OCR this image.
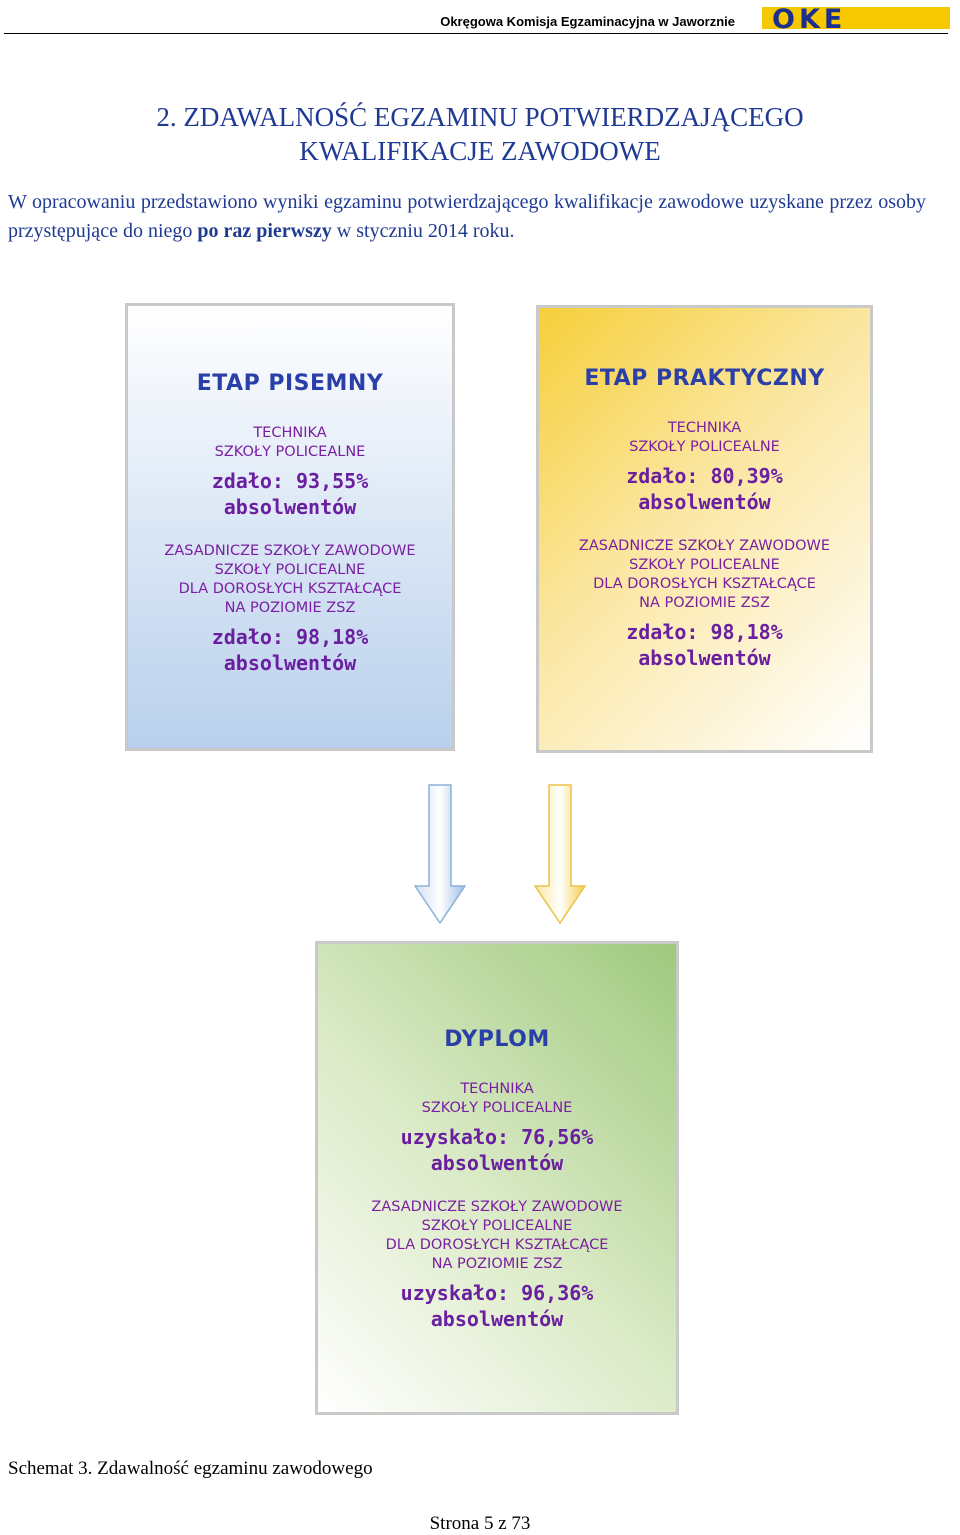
Okręgowa Komisja Egzaminacyjna w Jaworznie OKE
2. ZDAWALNOŚĆ EGZAMINU POTWIERDZAJĄCEGO
KWALIFIKACJE ZAWODOWE
W opracowaniu przedstawiono wyniki egzaminu potwierdzającego kwalifikacje zawodowe uzyskane przez osoby przystępujące do niego po raz pierwszy w styczniu 2014 roku.
ETAP PISEMNY
TECHNIKA
SZKOŁY POLICEALNE
zdało: 93,55%
absolwentów
ZASADNICZE SZKOŁY ZAWODOWE
SZKOŁY POLICEALNE
DLA DOROSŁYCH KSZTAŁCĄCE
NA POZIOMIE ZSZ
zdało: 98,18%
absolwentów
ETAP PRAKTYCZNY
TECHNIKA
SZKOŁY POLICEALNE
zdało: 80,39%
absolwentów
ZASADNICZE SZKOŁY ZAWODOWE
SZKOŁY POLICEALNE
DLA DOROSŁYCH KSZTAŁCĄCE
NA POZIOMIE ZSZ
zdało: 98,18%
absolwentów
DYPLOM
TECHNIKA
SZKOŁY POLICEALNE
uzyskało: 76,56%
absolwentów
ZASADNICZE SZKOŁY ZAWODOWE
SZKOŁY POLICEALNE
DLA DOROSŁYCH KSZTAŁCĄCE
NA POZIOMIE ZSZ
uzyskało: 96,36%
absolwentów
Schemat 3. Zdawalność egzaminu zawodowego
Strona 5 z 73
